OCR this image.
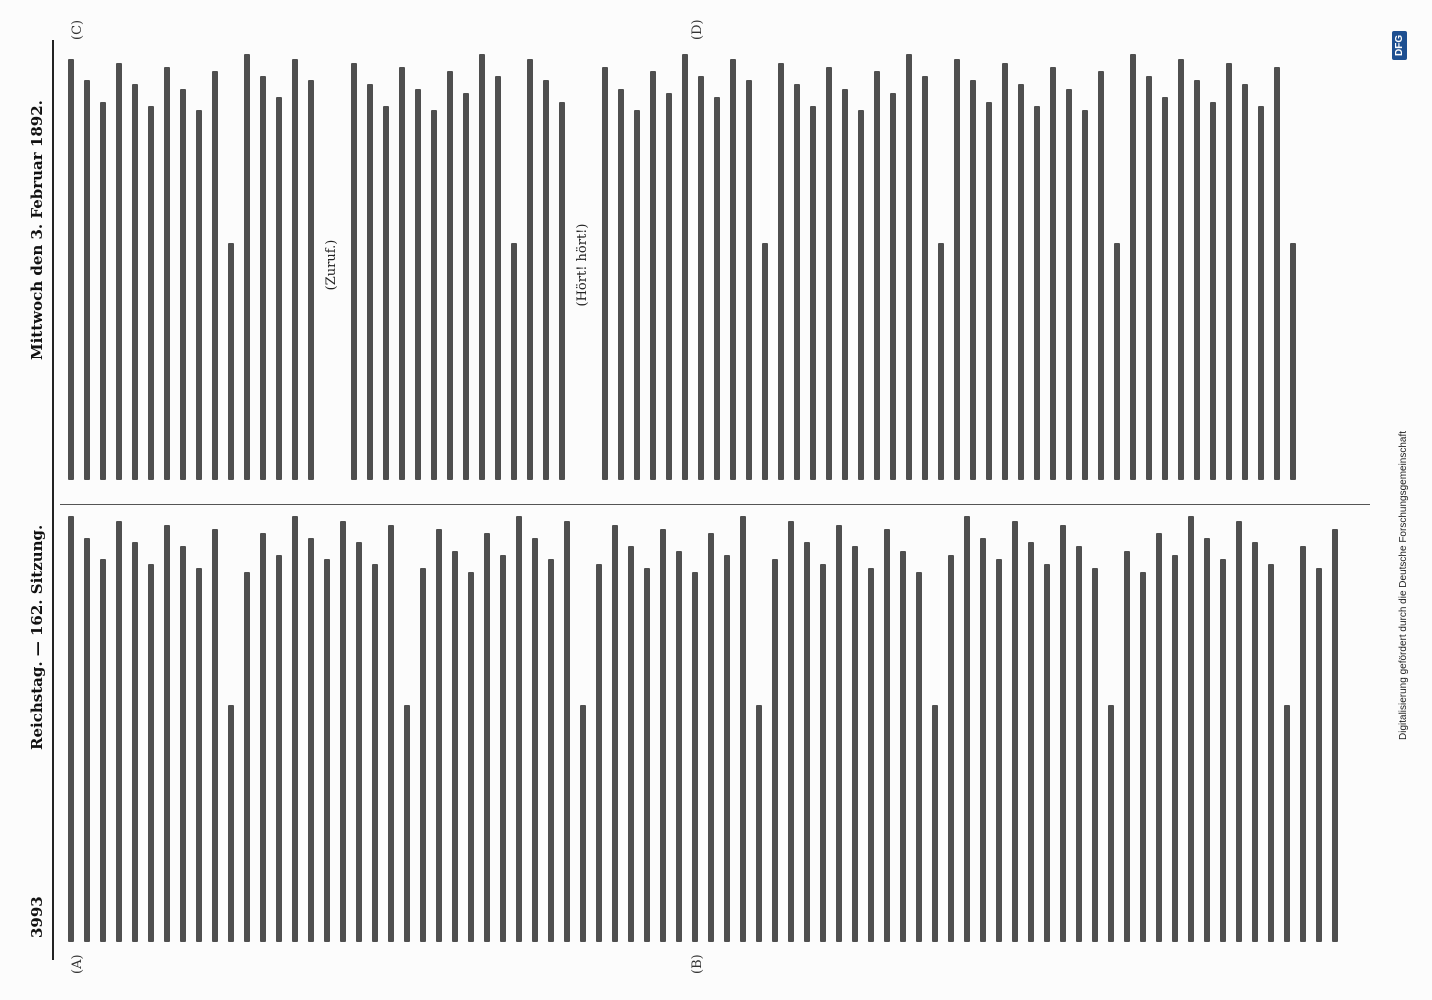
3993
Reichstag. — 162. Sitzung.
Mittwoch den 3. Februar 1892.
(A)	(B)
(C)	(D)
(Zuruf.)	(Hört! hört!)
DFG
Digitalisierung gefördert durch die Deutsche Forschungsgemeinschaft
